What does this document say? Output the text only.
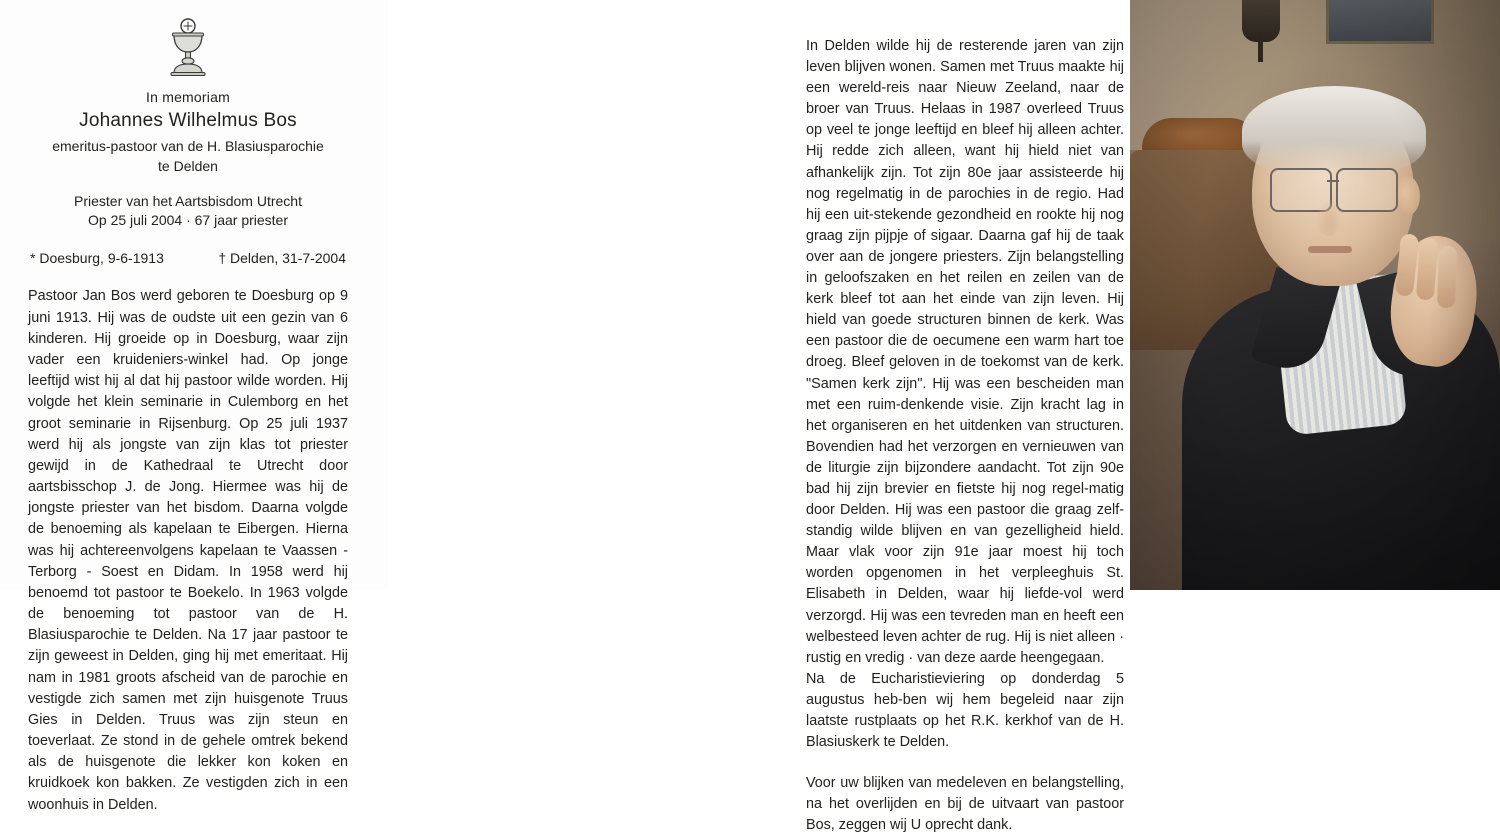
In memoriam
Johannes Wilhelmus Bos
emeritus-pastoor van de H. Blasiusparochie
te Delden
Priester van het Aartsbisdom Utrecht
Op 25 juli 2004 · 67 jaar priester
* Doesburg, 9-6-1913	† Delden, 31-7-2004

Pastoor Jan Bos werd geboren te Doesburg op 9 juni 1913. Hij was de oudste uit een gezin van 6 kinderen. Hij groeide op in Doesburg, waar zijn vader een kruideniers-winkel had. Op jonge leeftijd wist hij al dat hij pastoor wilde worden. Hij volgde het klein seminarie in Culemborg en het groot seminarie in Rijsenburg. Op 25 juli 1937 werd hij als jongste van zijn klas tot priester gewijd in de Kathedraal te Utrecht door aartsbisschop J. de Jong. Hiermee was hij de jongste priester van het bisdom. Daarna volgde de benoeming als kapelaan te Eibergen. Hierna was hij achtereenvolgens kapelaan te Vaassen - Terborg - Soest en Didam. In 1958 werd hij benoemd tot pastoor te Boekelo. In 1963 volgde de benoeming tot pastoor van de H. Blasiusparochie te Delden. Na 17 jaar pastoor te zijn geweest in Delden, ging hij met emeritaat. Hij nam in 1981 groots afscheid van de parochie en vestigde zich samen met zijn huisgenote Truus Gies in Delden. Truus was zijn steun en toeverlaat. Ze stond in de gehele omtrek bekend als de huisgenote die lekker kon koken en kruidkoek kon bakken. Ze vestigden zich in een woonhuis in Delden.

In Delden wilde hij de resterende jaren van zijn leven blijven wonen. Samen met Truus maakte hij een wereld-reis naar Nieuw Zeeland, naar de broer van Truus. Helaas in 1987 overleed Truus op veel te jonge leeftijd en bleef hij alleen achter. Hij redde zich alleen, want hij hield niet van afhankelijk zijn. Tot zijn 80e jaar assisteerde hij nog regelmatig in de parochies in de regio. Had hij een uit-stekende gezondheid en rookte hij nog graag zijn pijpje of sigaar. Daarna gaf hij de taak over aan de jongere priesters. Zijn belangstelling in geloofszaken en het reilen en zeilen van de kerk bleef tot aan het einde van zijn leven. Hij hield van goede structuren binnen de kerk. Was een pastoor die de oecumene een warm hart toe droeg. Bleef geloven in de toekomst van de kerk. "Samen kerk zijn". Hij was een bescheiden man met een ruim-denkende visie. Zijn kracht lag in het organiseren en het uitdenken van structuren. Bovendien had het verzorgen en vernieuwen van de liturgie zijn bijzondere aandacht. Tot zijn 90e bad hij zijn brevier en fietste hij nog regel-matig door Delden. Hij was een pastoor die graag zelf-standig wilde blijven en van gezelligheid hield. Maar vlak voor zijn 91e jaar moest hij toch worden opgenomen in het verpleeghuis St. Elisabeth in Delden, waar hij liefde-vol werd verzorgd. Hij was een tevreden man en heeft een welbesteed leven achter de rug. Hij is niet alleen · rustig en vredig · van deze aarde heengegaan.

Na de Eucharistieviering op donderdag 5 augustus heb-ben wij hem begeleid naar zijn laatste rustplaats op het R.K. kerkhof van de H. Blasiuskerk te Delden.

Voor uw blijken van medeleven en belangstelling, na het overlijden en bij de uitvaart van pastoor Bos, zeggen wij U oprecht dank.
